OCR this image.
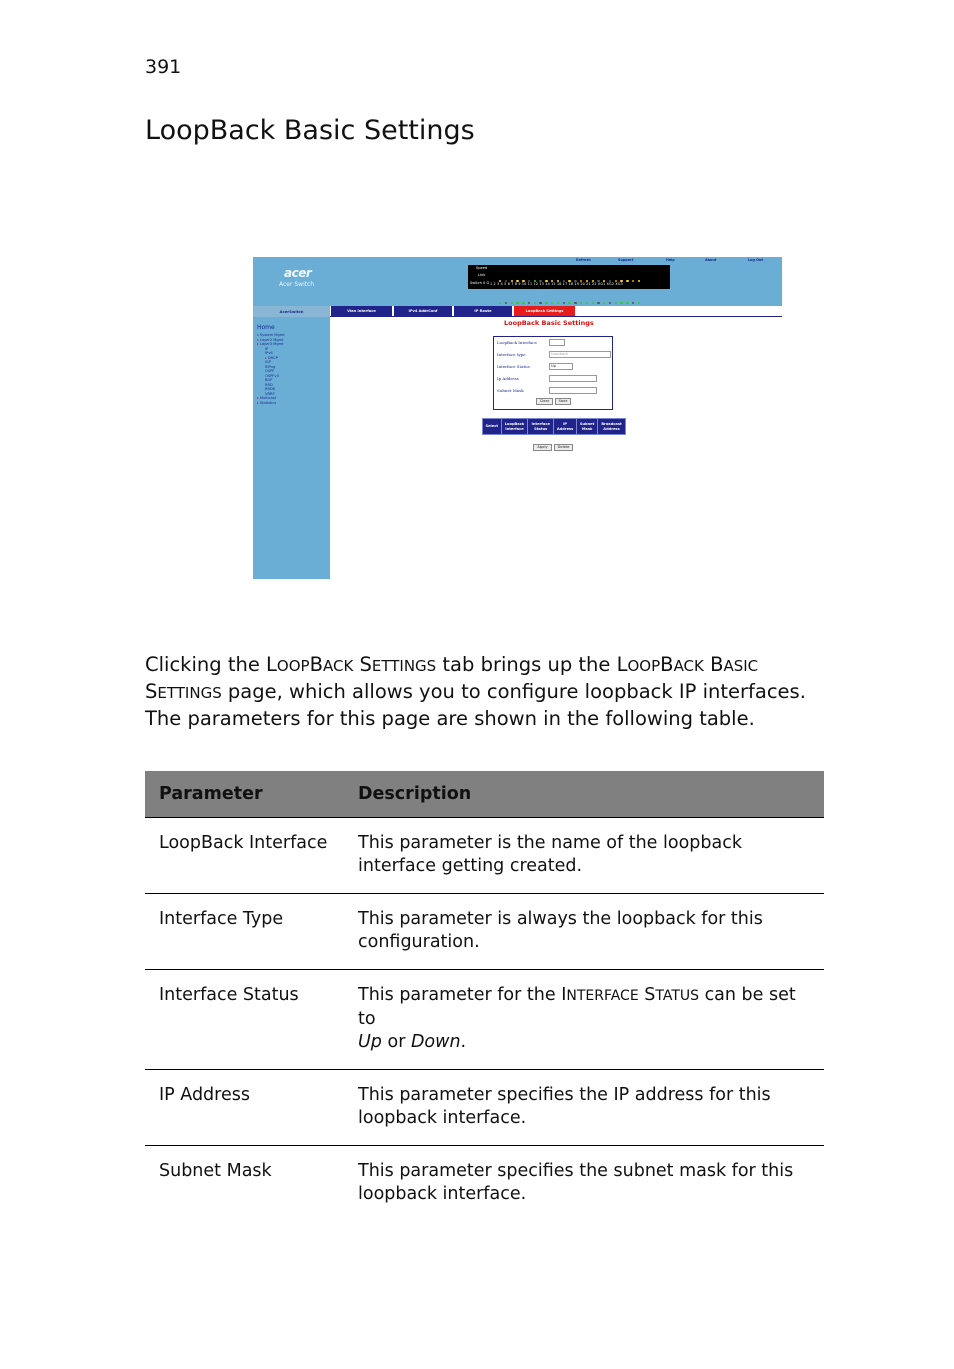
391
LoopBack Basic Settings
acer
Acer Switch
Refresh	Support	Help	About	Log Out
Speed
Link
Switch 0 G 1 2 3 4 5 6 7 8 9 10 11 12 13 14 15 16 17 18 19 20 21 22 XG1 XG2 XG3
AcerSwitch	Vlan Interface	IPv4 AddrConf	IP Route	LoopBack Settings
Home
▸ System Mgmt
▸ Layer2 Mgmt
▸ Layer3 Mgmt
IP
IPv6
▸ DHCP
IGP
RIPng
OSPF
OSPFv3
BGP
RRD
RRD6
VRRP
▸ Multicast
▸ Statistics
LoopBack Basic Settings
LoopBack Interface
Interface type	Loopback
Interface Status	Up
Ip Address
Subnet Mask
Clear	Save
Select

LoopBack
Interface

Interface
Status

IP
Address

Subnet
Mask

Broadcast
Address
Apply	Delete

Clicking the LOOPBACK SETTINGS tab brings up the LOOPBACK BASIC SETTINGS page, which allows you to configure loopback IP interfaces. The parameters for this page are shown in the following table.

Parameter	Description
LoopBack Interface	This parameter is the name of the loopback interface getting created.
Interface Type	This parameter is always the loopback for this configuration.
Interface Status	This parameter for the INTERFACE STATUS can be set to
Up or Down.
IP Address	This parameter specifies the IP address for this loopback interface.
Subnet Mask	This parameter specifies the subnet mask for this loopback interface.
